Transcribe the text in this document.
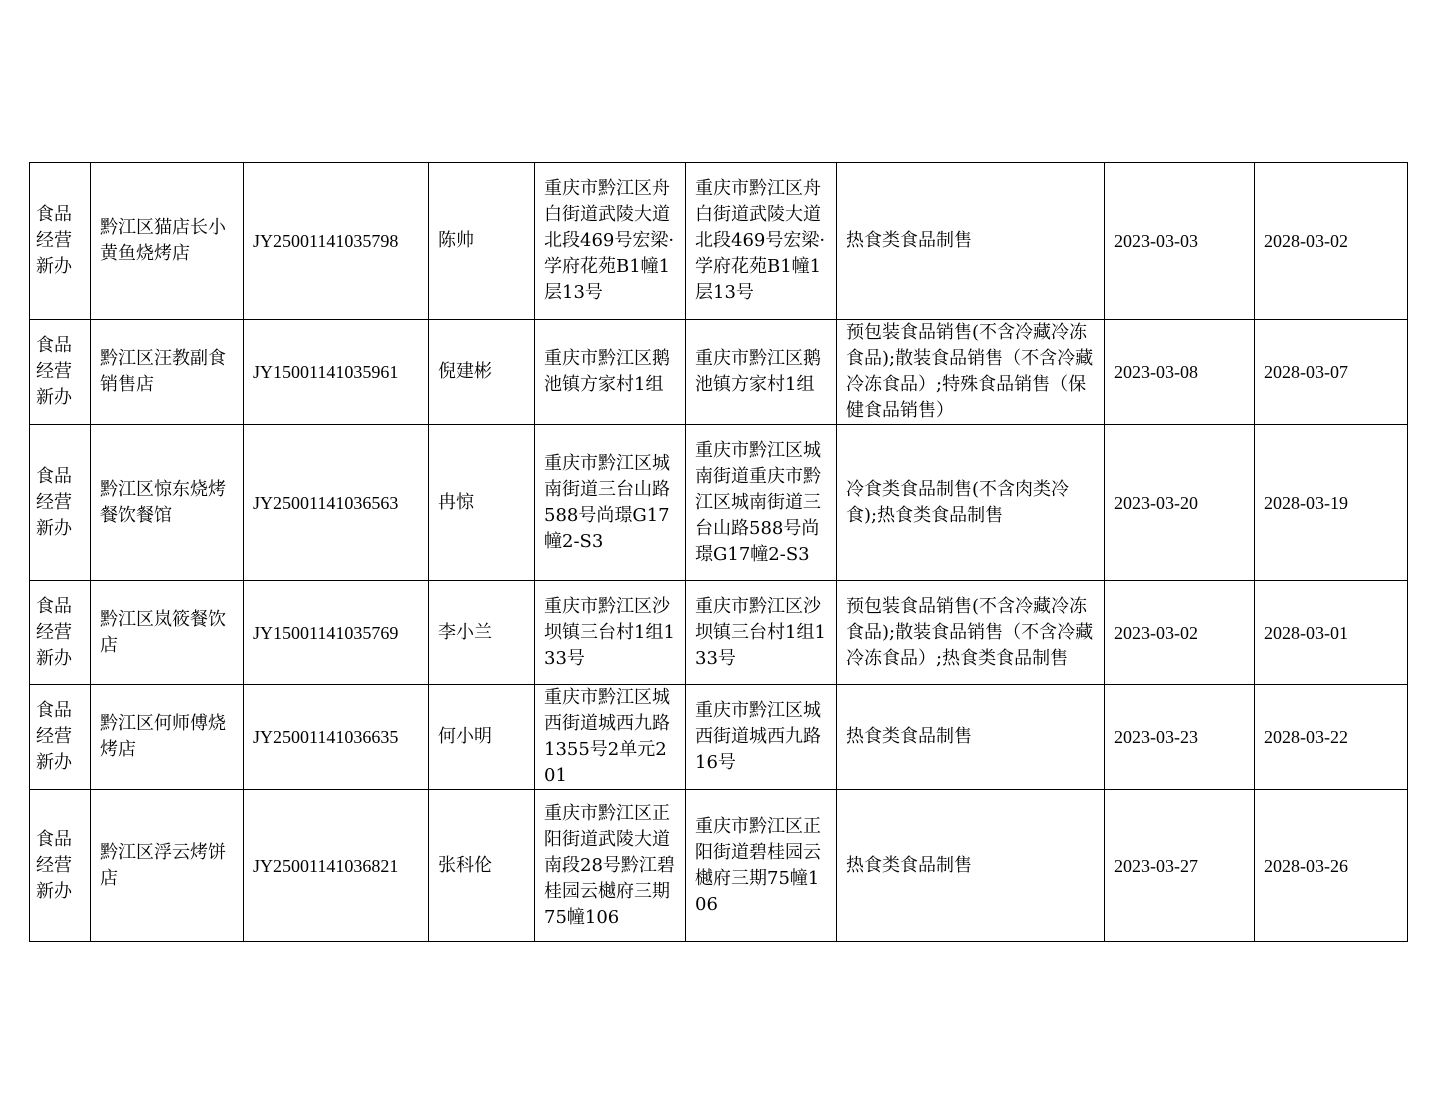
食品经营新办	黔江区猫店长小黄鱼烧烤店	JY25001141035798	陈帅	重庆市黔江区舟白街道武陵大道北段469号宏梁·学府花苑B1幢1层13号	重庆市黔江区舟白街道武陵大道北段469号宏梁·学府花苑B1幢1层13号	热食类食品制售	2023-03-03	2028-03-02
食品经营新办	黔江区汪教副食销售店	JY15001141035961	倪建彬	重庆市黔江区鹅池镇方家村1组	重庆市黔江区鹅池镇方家村1组	预包装食品销售(不含冷藏冷冻食品);散装食品销售（不含冷藏冷冻食品）;特殊食品销售（保健食品销售）	2023-03-08	2028-03-07
食品经营新办	黔江区惊东烧烤餐饮餐馆	JY25001141036563	冉惊	重庆市黔江区城南街道三台山路588号尚璟G17幢2-S3	重庆市黔江区城南街道重庆市黔江区城南街道三台山路588号尚璟G17幢2-S3	冷食类食品制售(不含肉类冷食);热食类食品制售	2023-03-20	2028-03-19
食品经营新办	黔江区岚筱餐饮店	JY15001141035769	李小兰	重庆市黔江区沙坝镇三台村1组133号	重庆市黔江区沙坝镇三台村1组133号	预包装食品销售(不含冷藏冷冻食品);散装食品销售（不含冷藏冷冻食品）;热食类食品制售	2023-03-02	2028-03-01
食品经营新办	黔江区何师傅烧烤店	JY25001141036635	何小明	重庆市黔江区城西街道城西九路1355号2单元201	重庆市黔江区城西街道城西九路16号	热食类食品制售	2023-03-23	2028-03-22
食品经营新办	黔江区浮云烤饼店	JY25001141036821	张科伦	重庆市黔江区正阳街道武陵大道南段28号黔江碧桂园云樾府三期75幢106	重庆市黔江区正阳街道碧桂园云樾府三期75幢106	热食类食品制售	2023-03-27	2028-03-26
